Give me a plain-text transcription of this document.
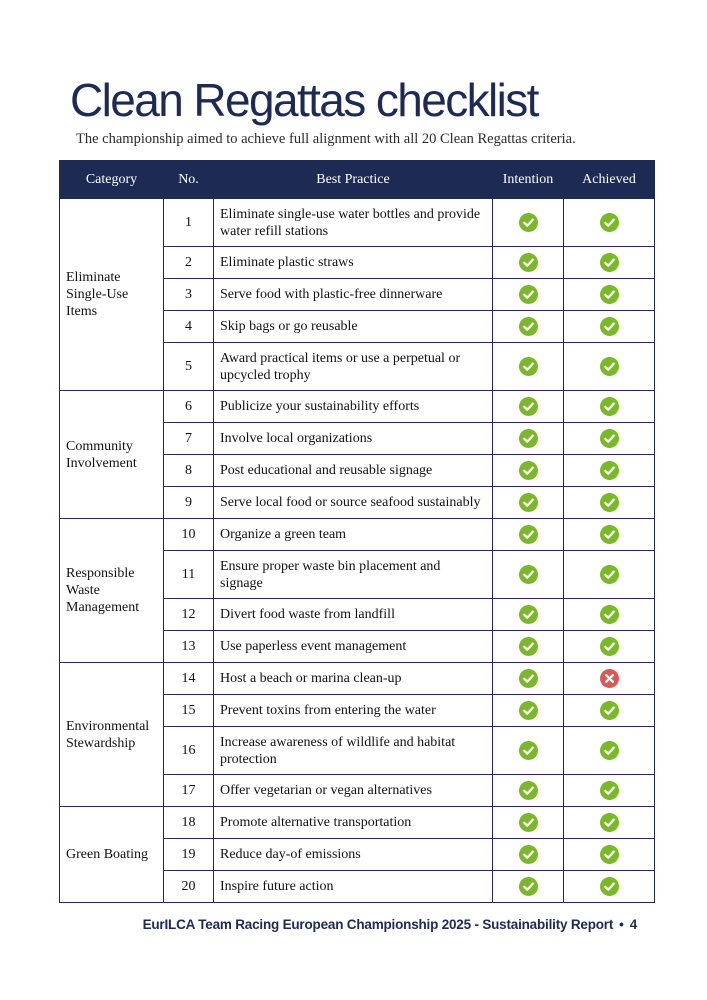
Clean Regattas checklist

The championship aimed to achieve full alignment with all 20 Clean Regattas criteria.

Category	No.	Best Practice	Intention	Achieved
Eliminate Single-Use Items	1	Eliminate single-use water bottles and provide water refill stations	

	2	Eliminate plastic straws	

	3	Serve food with plastic-free dinnerware	

	4	Skip bags or go reusable	

	5	Award practical items or use a perpetual or upcycled trophy	

Community Involvement	6	Publicize your sustainability efforts	

	7	Involve local organizations	

	8	Post educational and reusable signage	

	9	Serve local food or source seafood sustainably	

Responsible Waste Management	10	Organize a green team	

	11	Ensure proper waste bin placement and signage	

	12	Divert food waste from landfill	

	13	Use paperless event management	

Environmental Stewardship	14	Host a beach or marina clean-up	

	15	Prevent toxins from entering the water	

	16	Increase awareness of wildlife and habitat protection	

	17	Offer vegetarian or vegan alternatives	

Green Boating	18	Promote alternative transportation	

	19	Reduce day-of emissions	

	20	Inspire future action	

EurILCA Team Racing European Championship 2025 - Sustainability Report • 4
